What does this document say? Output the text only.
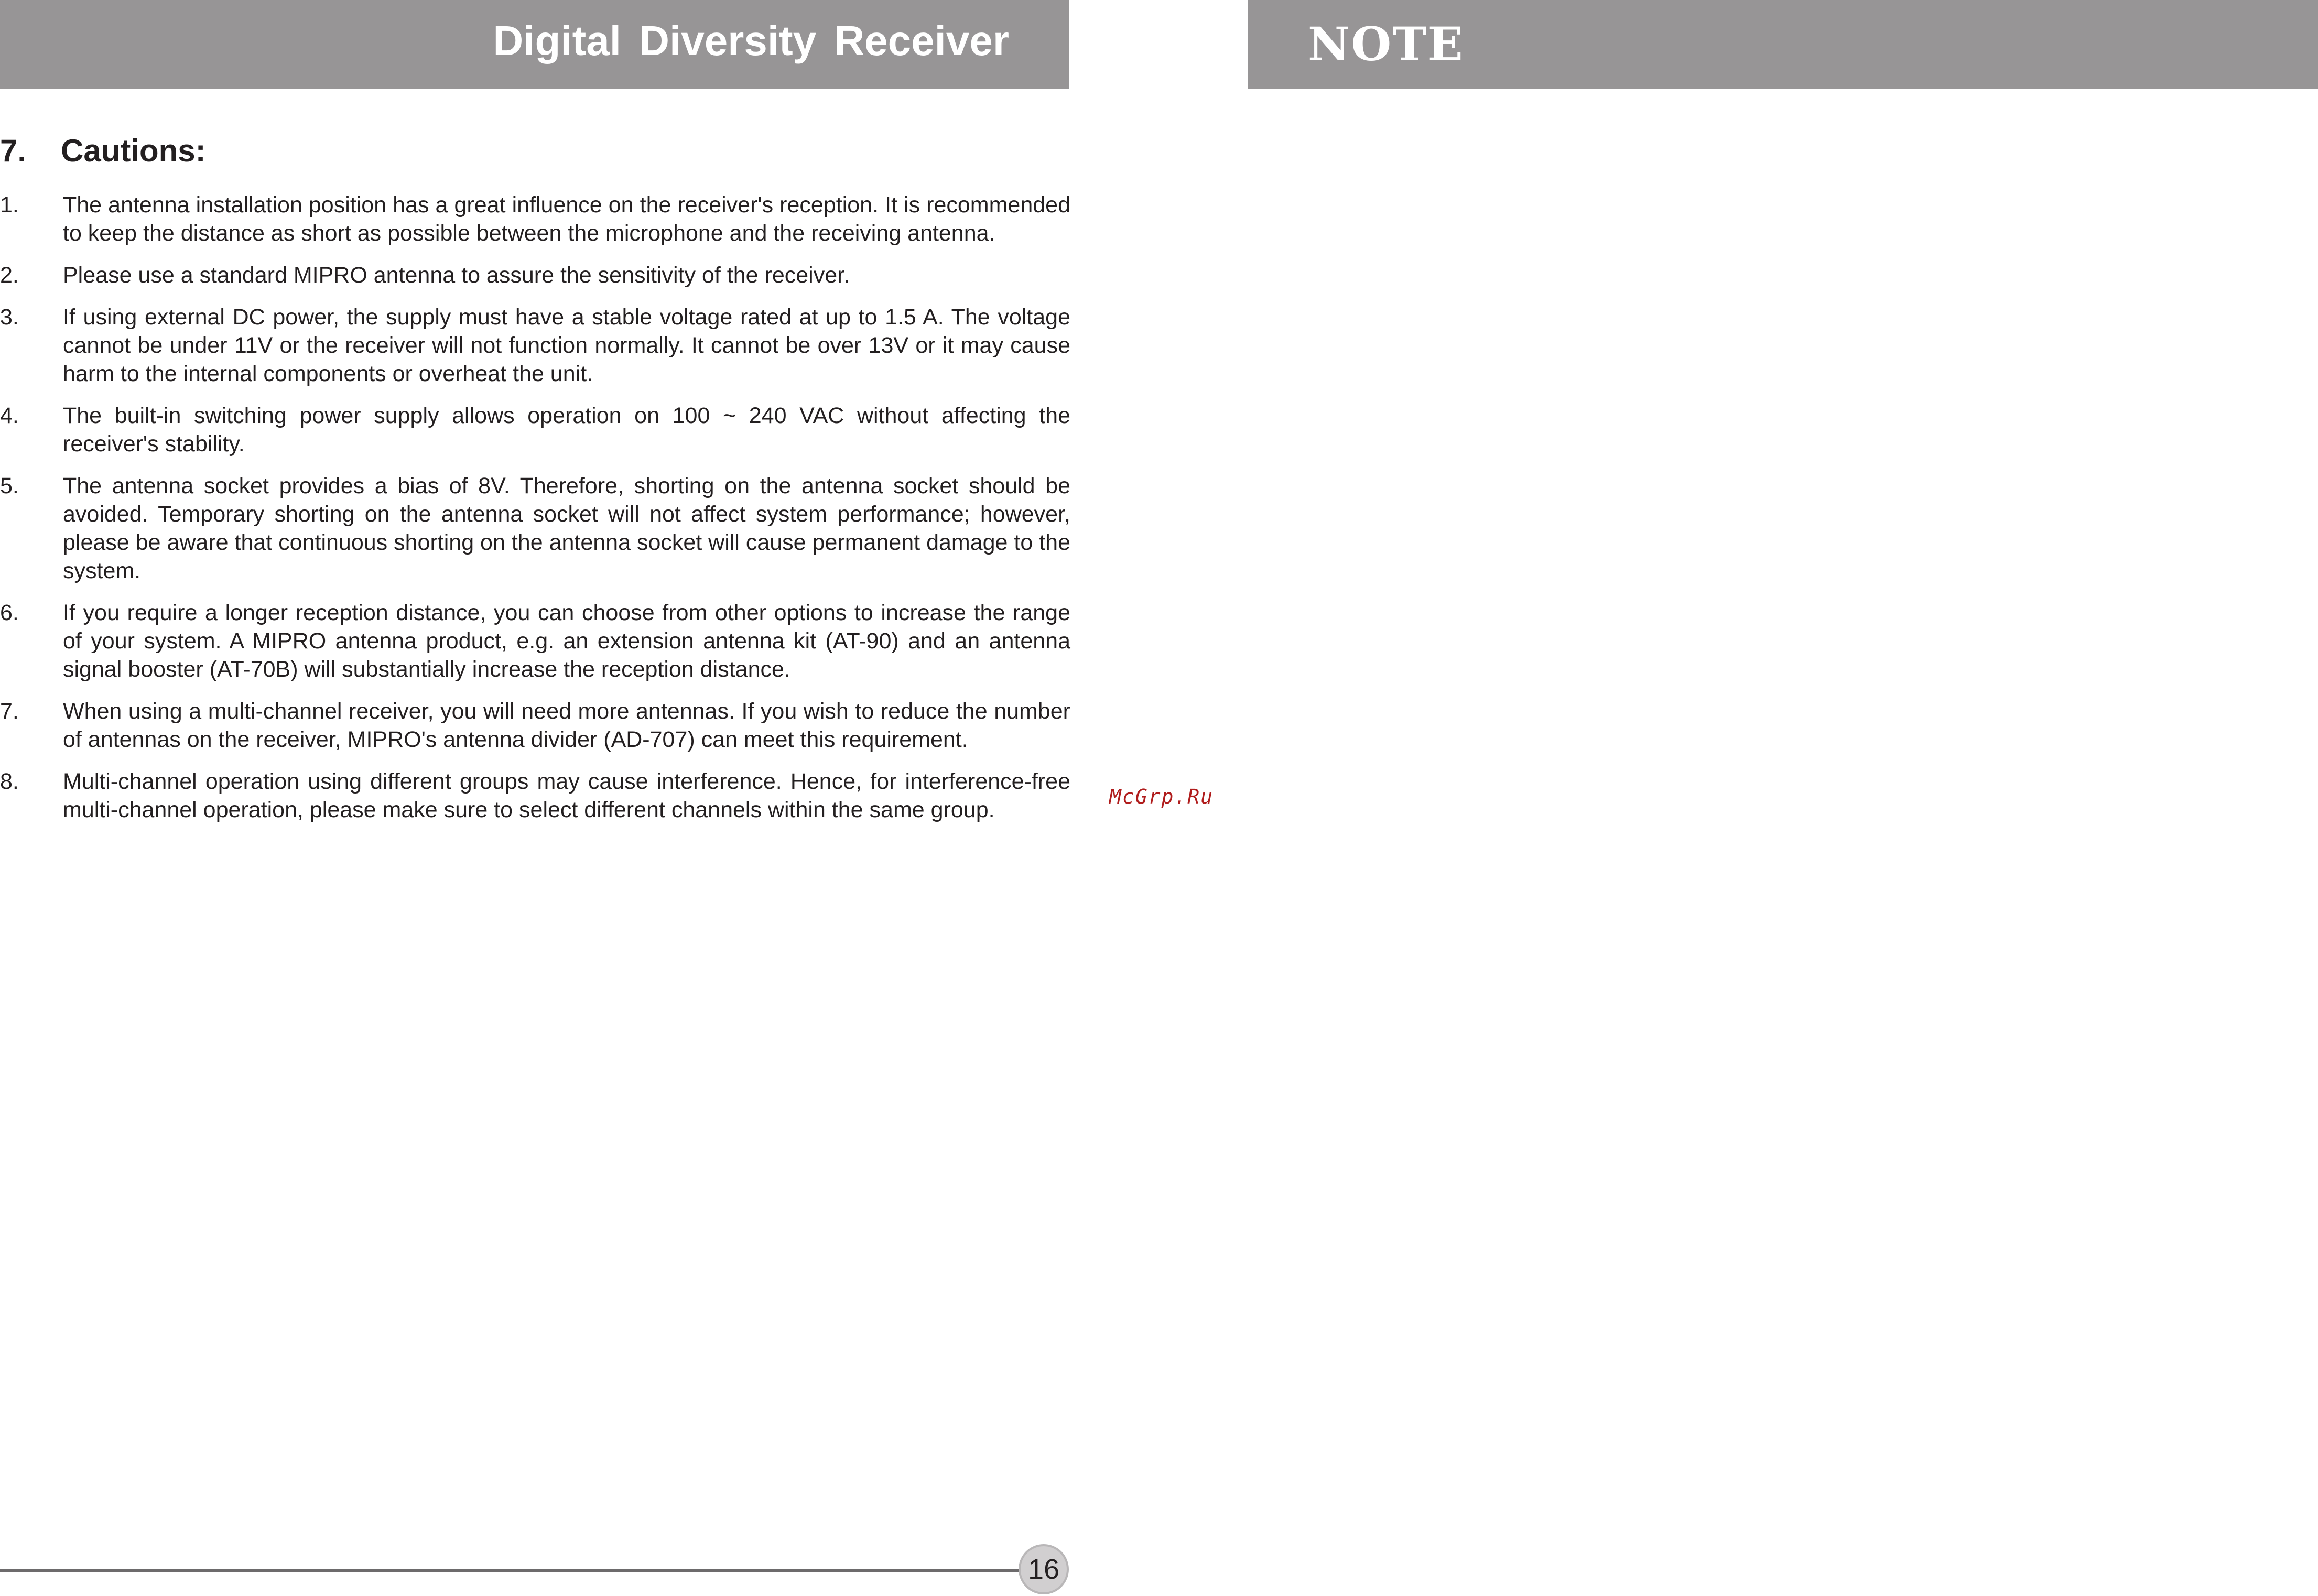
Digital Diversity Receiver
7. Cautions:
1. The antenna installation position has a great influence on the receiver's reception. It is recommended to keep the distance as short as possible between the microphone and the receiving antenna.
2. Please use a standard MIPRO antenna to assure the sensitivity of the receiver.
3. If using external DC power, the supply must have a stable voltage rated at up to 1.5 A. The voltage cannot be under 11V or the receiver will not function normally. It cannot be over 13V or it may cause harm to the internal components or overheat the unit.
4. The built-in switching power supply allows operation on 100 ~ 240 VAC without affecting the receiver's stability.
5. The antenna socket provides a bias of 8V. Therefore, shorting on the antenna socket should be avoided. Temporary shorting on the antenna socket will not affect system performance; however, please be aware that continuous shorting on the antenna socket will cause permanent damage to the system.
6. If you require a longer reception distance, you can choose from other options to increase the range of your system. A MIPRO antenna product, e.g. an extension antenna kit (AT-90) and an antenna signal booster (AT-70B) will substantially increase the reception distance.
7. When using a multi-channel receiver, you will need more antennas. If you wish to reduce the number of antennas on the receiver, MIPRO's antenna divider (AD-707) can meet this requirement.
8. Multi-channel operation using different groups may cause interference. Hence, for interference-free multi-channel operation, please make sure to select different channels within the same group.
16
McGrp.Ru
NOTE
